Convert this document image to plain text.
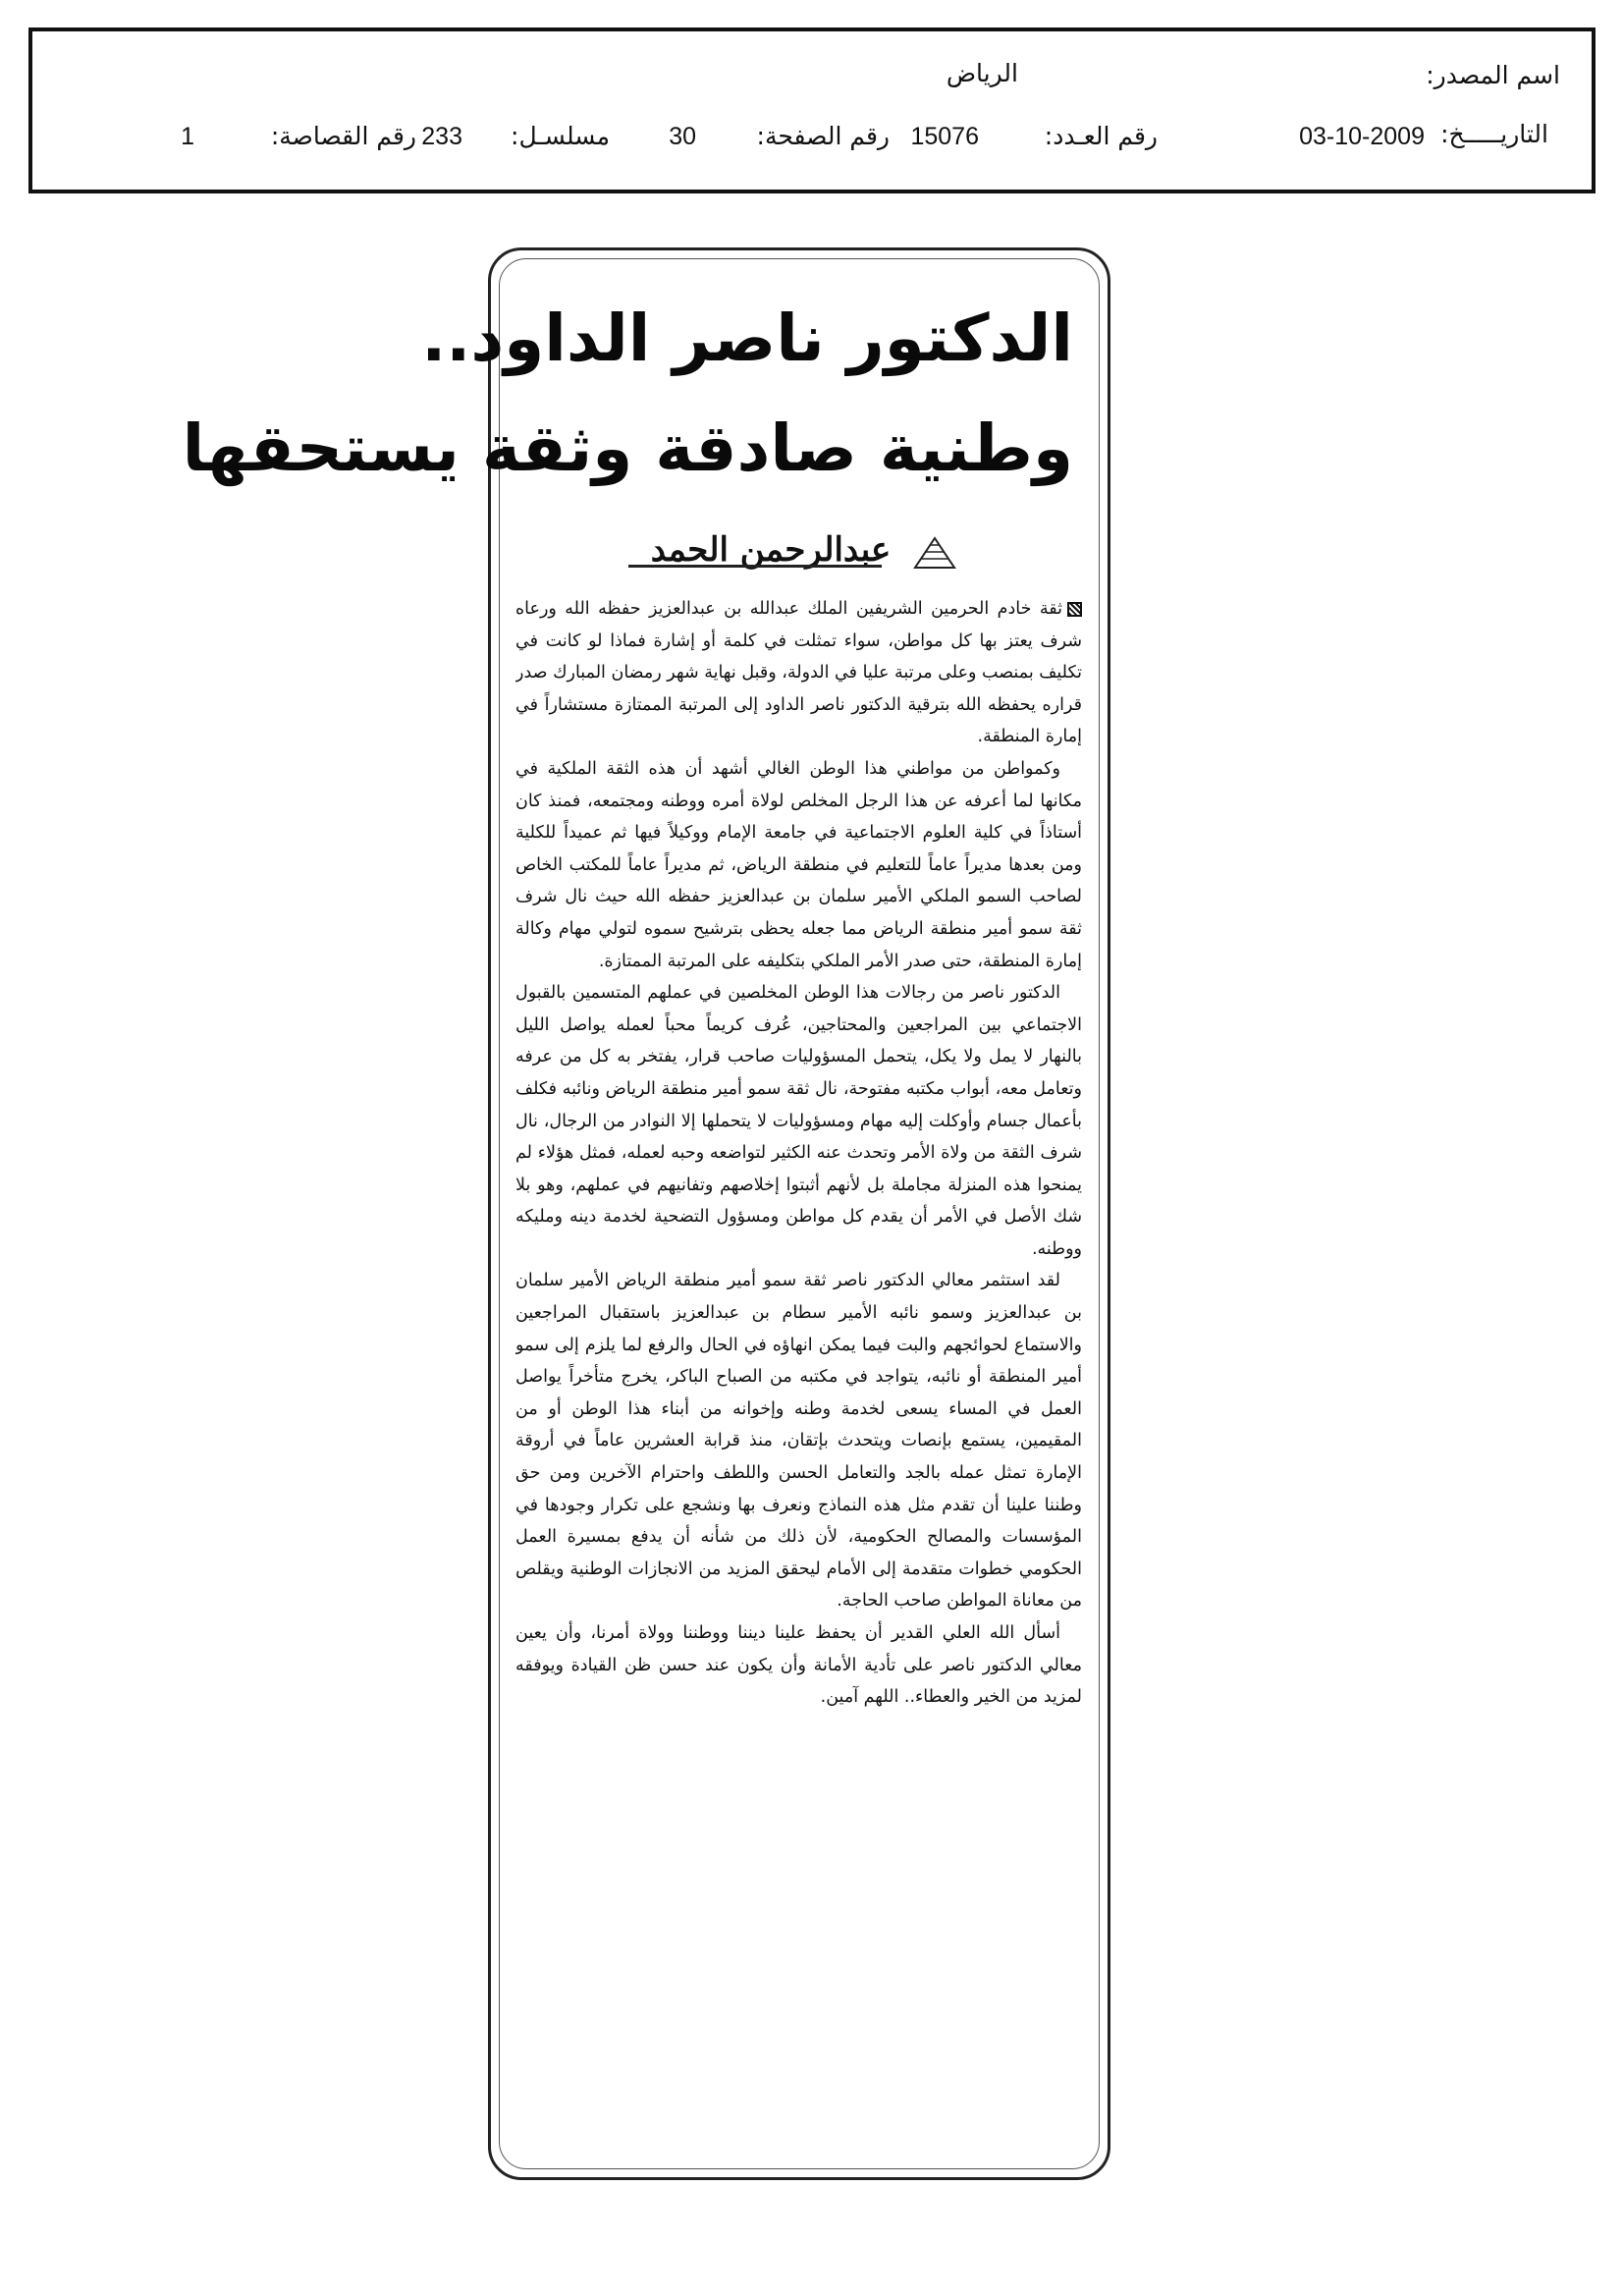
اسم المصدر:
الرياض
التاريـــــخ:
03-10-2009
رقم العـدد:
15076
رقم الصفحة:
30
مسلسـل:
233
رقم القصاصة:
1
الدكتور ناصر الداود..
وطنية صادقة وثقة يستحقها
عبدالرحمن الحمد

ثقة خادم الحرمين الشريفين الملك عبدالله بن عبدالعزيز حفظه الله ورعاه شرف يعتز بها كل مواطن، سواء تمثلت في كلمة أو إشارة فماذا لو كانت في تكليف بمنصب وعلى مرتبة عليا في الدولة، وقبل نهاية شهر رمضان المبارك صدر قراره يحفظه الله بترقية الدكتور ناصر الداود إلى المرتبة الممتازة مستشاراً في إمارة المنطقة.

وكمواطن من مواطني هذا الوطن الغالي أشهد أن هذه الثقة الملكية في مكانها لما أعرفه عن هذا الرجل المخلص لولاة أمره ووطنه ومجتمعه، فمنذ كان أستاذاً في كلية العلوم الاجتماعية في جامعة الإمام ووكيلاً فيها ثم عميداً للكلية ومن بعدها مديراً عاماً للتعليم في منطقة الرياض، ثم مديراً عاماً للمكتب الخاص لصاحب السمو الملكي الأمير سلمان بن عبدالعزيز حفظه الله حيث نال شرف ثقة سمو أمير منطقة الرياض مما جعله يحظى بترشيح سموه لتولي مهام وكالة إمارة المنطقة، حتى صدر الأمر الملكي بتكليفه على المرتبة الممتازة.

الدكتور ناصر من رجالات هذا الوطن المخلصين في عملهم المتسمين بالقبول الاجتماعي بين المراجعين والمحتاجين، عُرف كريماً محباً لعمله يواصل الليل بالنهار لا يمل ولا يكل، يتحمل المسؤوليات صاحب قرار، يفتخر به كل من عرفه وتعامل معه، أبواب مكتبه مفتوحة، نال ثقة سمو أمير منطقة الرياض ونائبه فكلف بأعمال جسام وأوكلت إليه مهام ومسؤوليات لا يتحملها إلا النوادر من الرجال، نال شرف الثقة من ولاة الأمر وتحدث عنه الكثير لتواضعه وحبه لعمله، فمثل هؤلاء لم يمنحوا هذه المنزلة مجاملة بل لأنهم أثبتوا إخلاصهم وتفانيهم في عملهم، وهو بلا شك الأصل في الأمر أن يقدم كل مواطن ومسؤول التضحية لخدمة دينه ومليكه ووطنه.

لقد استثمر معالي الدكتور ناصر ثقة سمو أمير منطقة الرياض الأمير سلمان بن عبدالعزيز وسمو نائبه الأمير سطام بن عبدالعزيز باستقبال المراجعين والاستماع لحوائجهم والبت فيما يمكن انهاؤه في الحال والرفع لما يلزم إلى سمو أمير المنطقة أو نائبه، يتواجد في مكتبه من الصباح الباكر، يخرج متأخراً يواصل العمل في المساء يسعى لخدمة وطنه وإخوانه من أبناء هذا الوطن أو من المقيمين، يستمع بإنصات ويتحدث بإتقان، منذ قرابة العشرين عاماً في أروقة الإمارة تمثل عمله بالجد والتعامل الحسن واللطف واحترام الآخرين ومن حق وطننا علينا أن تقدم مثل هذه النماذج ونعرف بها ونشجع على تكرار وجودها في المؤسسات والمصالح الحكومية، لأن ذلك من شأنه أن يدفع بمسيرة العمل الحكومي خطوات متقدمة إلى الأمام ليحقق المزيد من الانجازات الوطنية ويقلص من معاناة المواطن صاحب الحاجة.

أسأل الله العلي القدير أن يحفظ علينا ديننا ووطننا وولاة أمرنا، وأن يعين معالي الدكتور ناصر على تأدية الأمانة وأن يكون عند حسن ظن القيادة ويوفقه لمزيد من الخير والعطاء.. اللهم آمين.
